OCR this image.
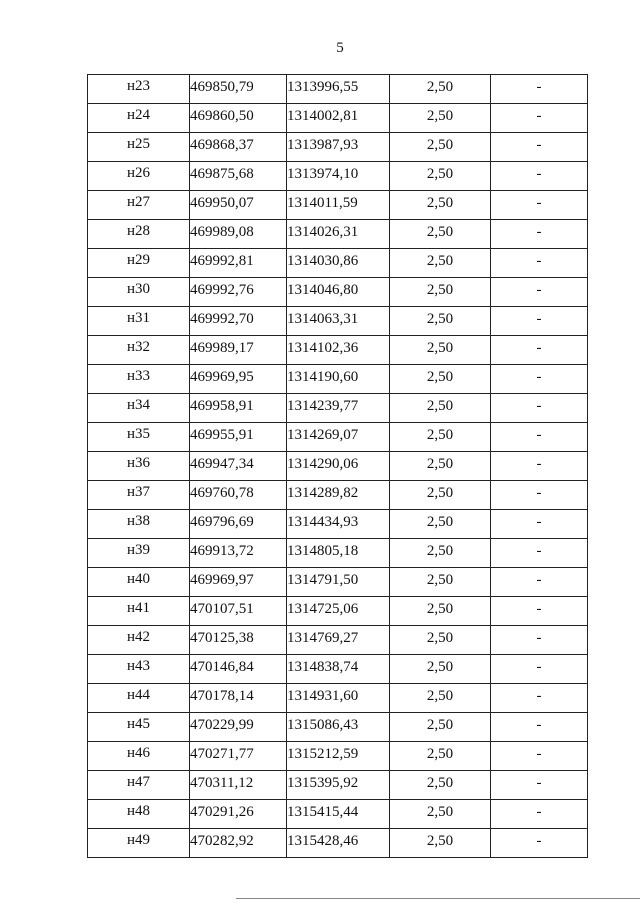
5
н23	469850,79	1313996,55	2,50	-

н24	469860,50	1314002,81	2,50	-

н25	469868,37	1313987,93	2,50	-

н26	469875,68	1313974,10	2,50	-

н27	469950,07	1314011,59	2,50	-

н28	469989,08	1314026,31	2,50	-

н29	469992,81	1314030,86	2,50	-

н30	469992,76	1314046,80	2,50	-

н31	469992,70	1314063,31	2,50	-

н32	469989,17	1314102,36	2,50	-

н33	469969,95	1314190,60	2,50	-

н34	469958,91	1314239,77	2,50	-

н35	469955,91	1314269,07	2,50	-

н36	469947,34	1314290,06	2,50	-

н37	469760,78	1314289,82	2,50	-

н38	469796,69	1314434,93	2,50	-

н39	469913,72	1314805,18	2,50	-

н40	469969,97	1314791,50	2,50	-

н41	470107,51	1314725,06	2,50	-

н42	470125,38	1314769,27	2,50	-

н43	470146,84	1314838,74	2,50	-

н44	470178,14	1314931,60	2,50	-

н45	470229,99	1315086,43	2,50	-

н46	470271,77	1315212,59	2,50	-

н47	470311,12	1315395,92	2,50	-

н48	470291,26	1315415,44	2,50	-

н49	470282,92	1315428,46	2,50	-
